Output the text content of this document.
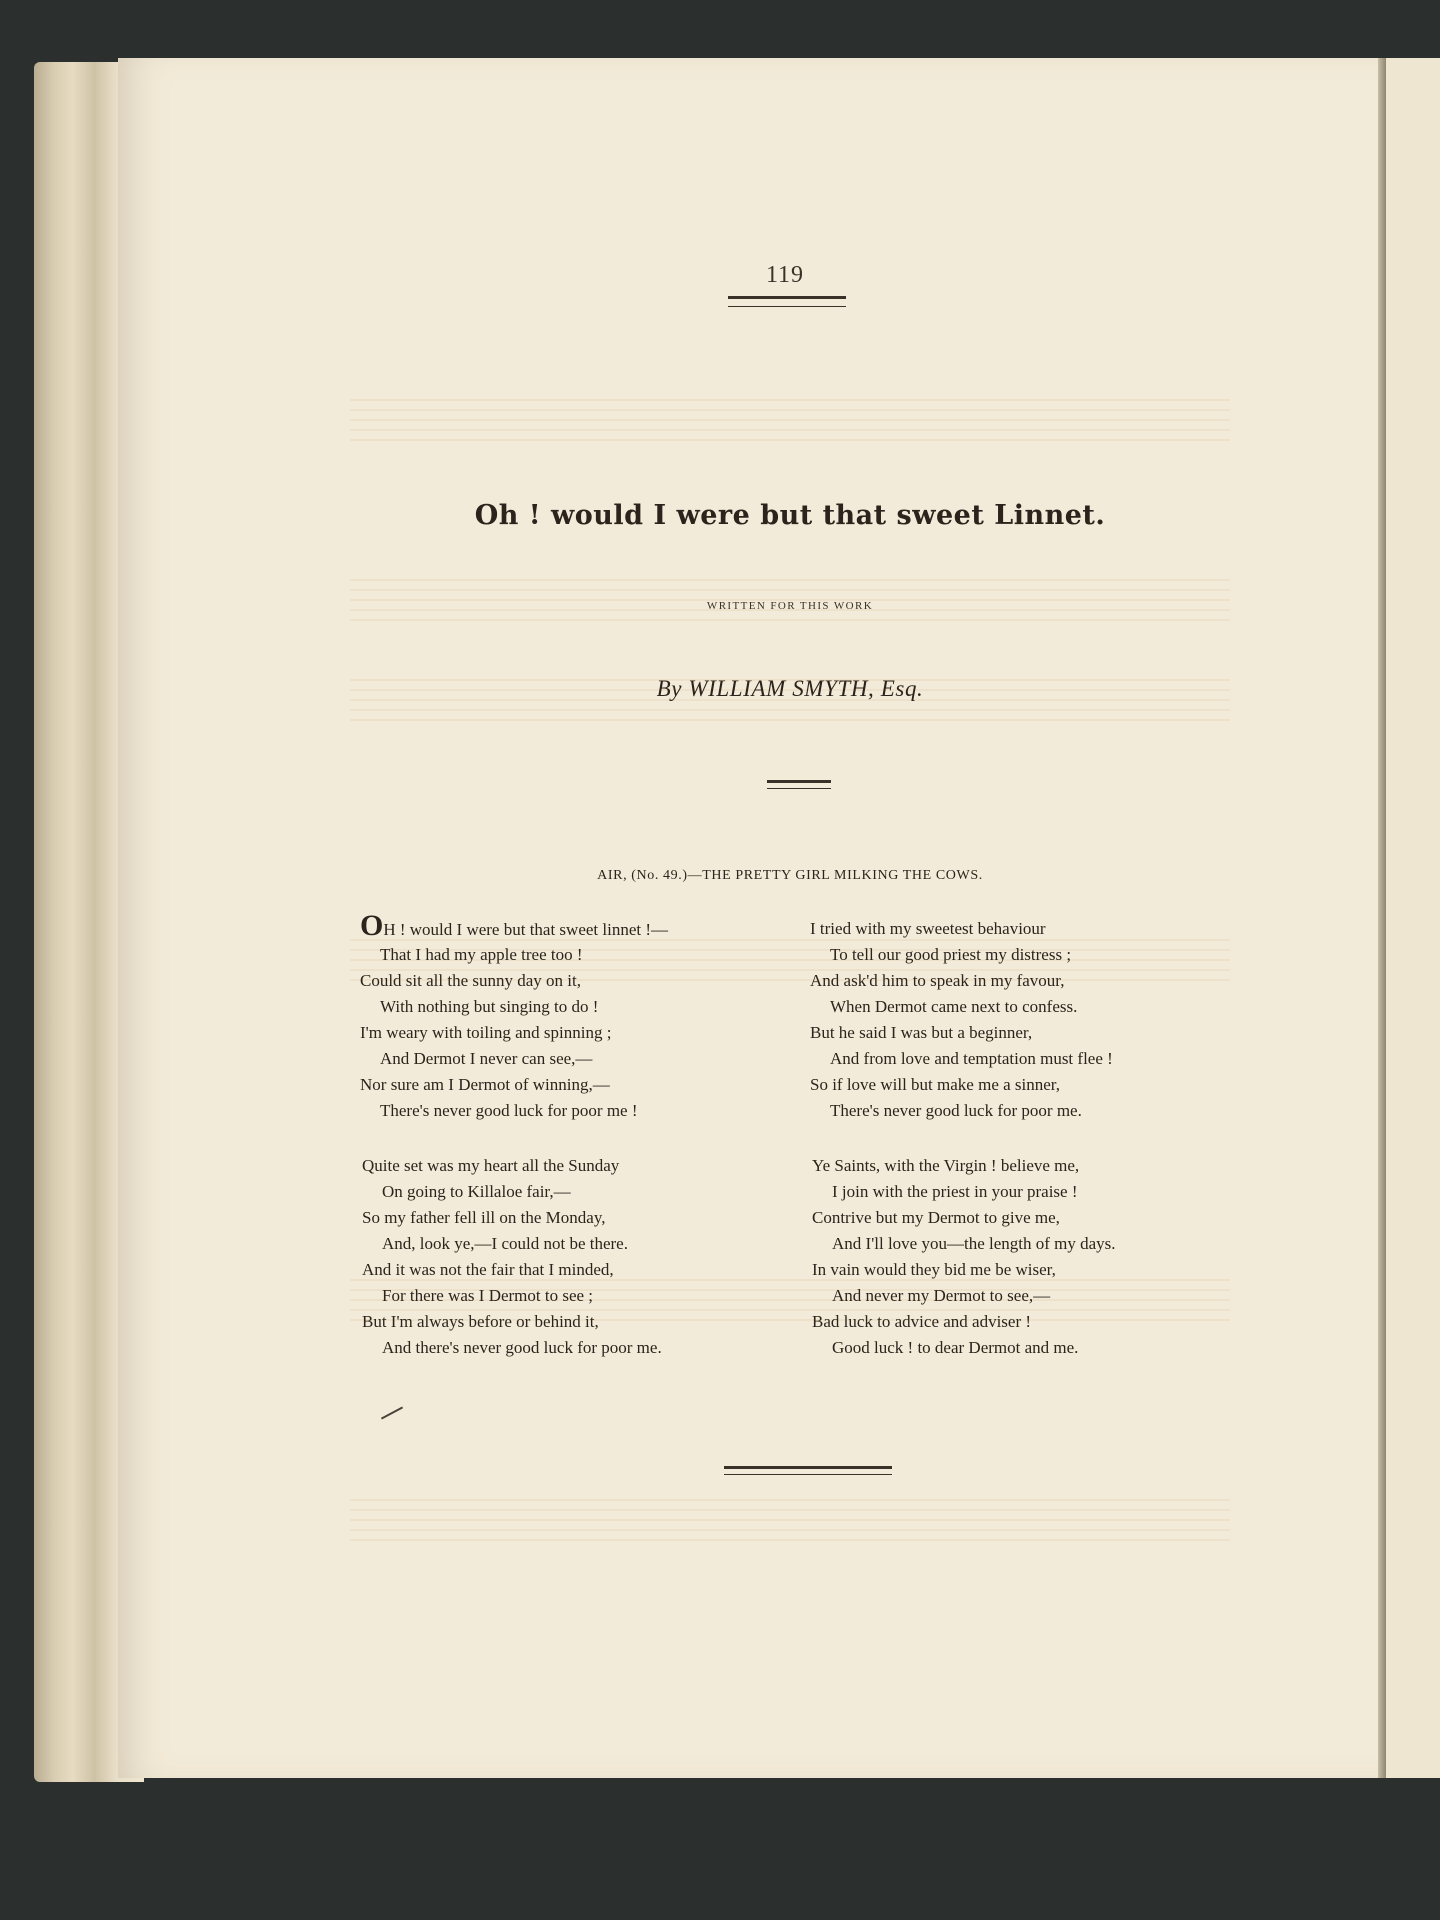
119
Oh ! would I were but that sweet Linnet.
WRITTEN FOR THIS WORK
By WILLIAM SMYTH, Esq.
AIR, (No. 49.)—THE PRETTY GIRL MILKING THE COWS.
OH ! would I were but that sweet linnet !—
That I had my apple tree too !
Could sit all the sunny day on it,
With nothing but singing to do !
I'm weary with toiling and spinning ;
And Dermot I never can see,—
Nor sure am I Dermot of winning,—
There's never good luck for poor me !
Quite set was my heart all the Sunday
On going to Killaloe fair,—
So my father fell ill on the Monday,
And, look ye,—I could not be there.
And it was not the fair that I minded,
For there was I Dermot to see ;
But I'm always before or behind it,
And there's never good luck for poor me.
I tried with my sweetest behaviour
To tell our good priest my distress ;
And ask'd him to speak in my favour,
When Dermot came next to confess.
But he said I was but a beginner,
And from love and temptation must flee !
So if love will but make me a sinner,
There's never good luck for poor me.
Ye Saints, with the Virgin ! believe me,
I join with the priest in your praise !
Contrive but my Dermot to give me,
And I'll love you—the length of my days.
In vain would they bid me be wiser,
And never my Dermot to see,—
Bad luck to advice and adviser !
Good luck ! to dear Dermot and me.
